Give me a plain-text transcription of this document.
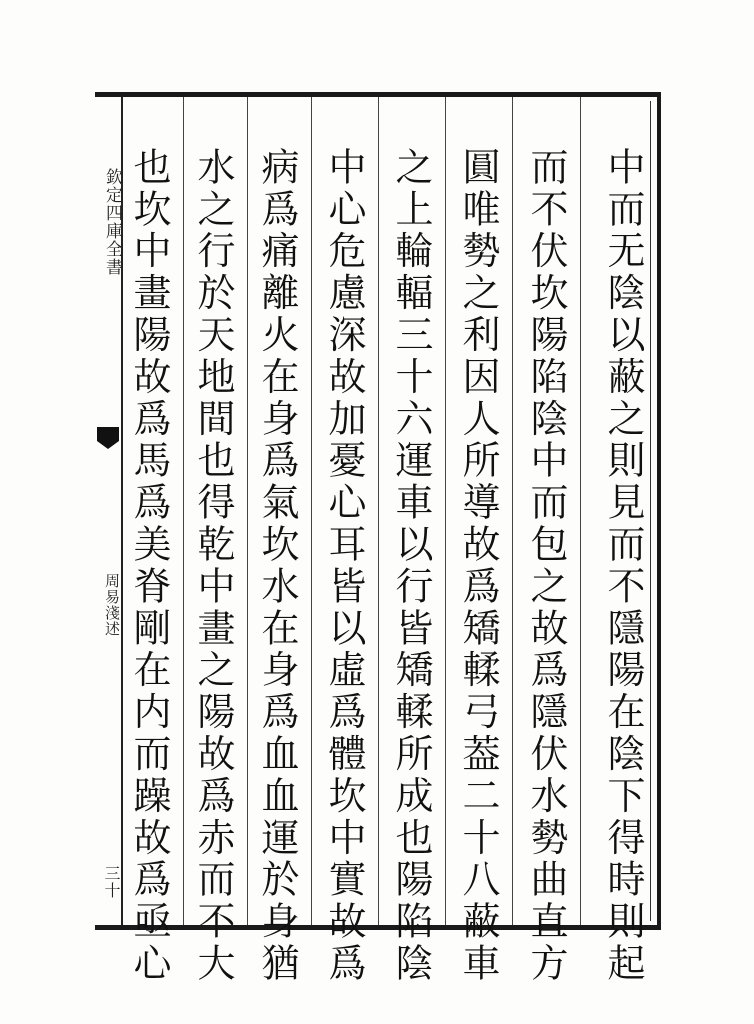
欽定四庫全書
周易淺述
三十	中而无陰以蔽之則見而不隱陽在陰下得時則起
而不伏坎陽陷陰中而包之故爲隱伏水勢曲直方
圓唯勢之利因人所導故爲矯輮弓葢二十八蔽車
之上輪輻三十六運車以行皆矯輮所成也陽陷陰
中心危慮深故加憂心耳皆以虛爲體坎中實故爲
病爲痛離火在身爲氣坎水在身爲血血運於身猶
水之行於天地間也得乾中畫之陽故爲赤而不大
也坎中畫陽故爲馬爲美脊剛在内而躁故爲亟心
